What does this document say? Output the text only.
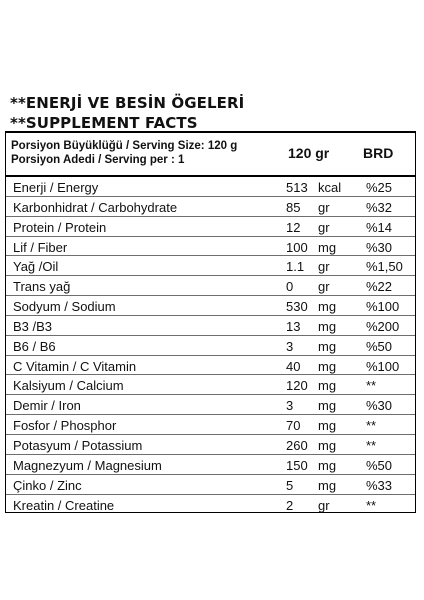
**ENERJİ VE BESİN ÖGELERİ
**SUPPLEMENT FACTS
Porsiyon Büyüklüğü / Serving Size: 120 g
Porsiyon Adedi / Serving per : 1	120 gr BRD
Enerji / Energy	513 kcal %25
Karbonhidrat / Carbohydrate	85 gr	%32
Protein / Protein	12 gr	%14
Lif / Fiber	100 mg %30
Yağ /Oil	1.1 gr	%1,50
Trans yağ	0 gr	%22
Sodyum / Sodium	530 mg %100
B3 /B3	13 mg %200
B6 / B6	3 mg %50
C Vitamin / C Vitamin	40 mg %100
Kalsiyum / Calcium	120 mg **
Demir / Iron	3 mg %30
Fosfor / Phosphor	70 mg **
Potasyum / Potassium	260 mg **
Magnezyum / Magnesium	150 mg %50
Çinko / Zinc	5 mg %33
Kreatin / Creatine	2 gr	**
